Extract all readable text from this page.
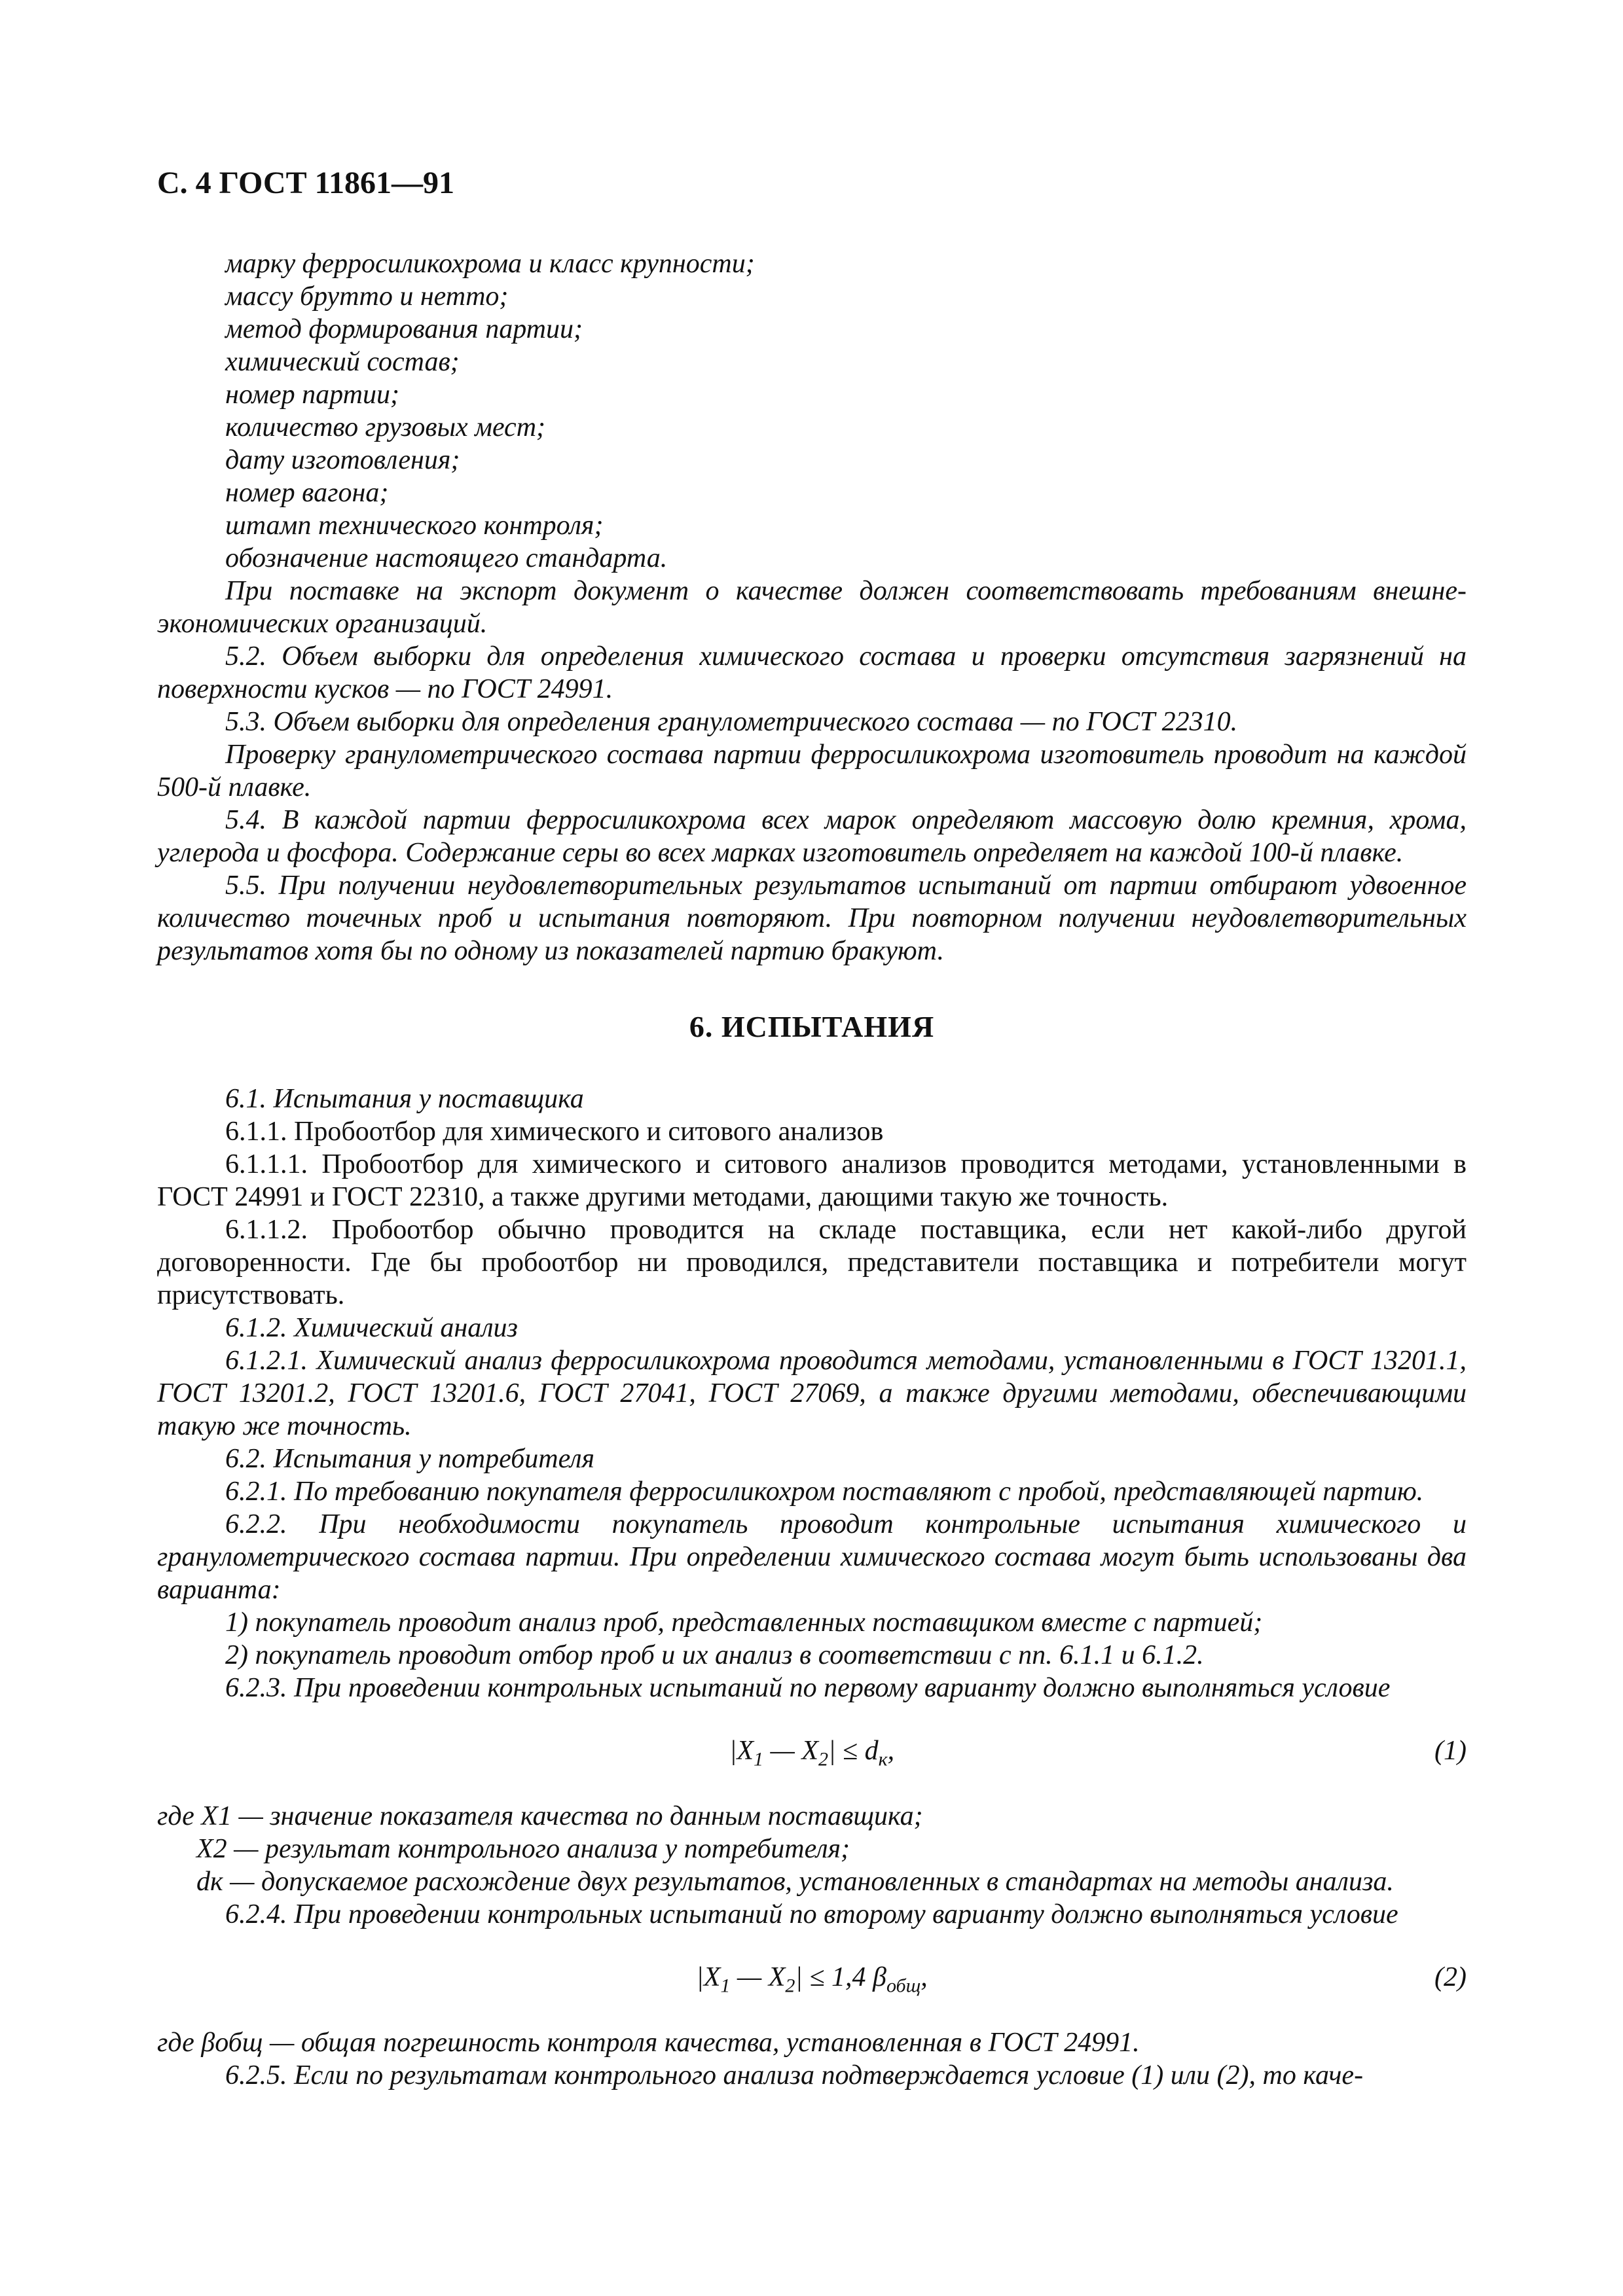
С. 4 ГОСТ 11861—91

марку ферросиликохрома и класс крупности;

массу брутто и нетто;

метод формирования партии;

химический состав;

номер партии;

количество грузовых мест;

дату изготовления;

номер вагона;

штамп технического контроля;

обозначение настоящего стандарта.

При поставке на экспорт документ о качестве должен соответствовать требованиям внешне-экономических организаций.

5.2. Объем выборки для определения химического состава и проверки отсутствия загрязнений на поверхности кусков — по ГОСТ 24991.

5.3. Объем выборки для определения гранулометрического состава — по ГОСТ 22310.

Проверку гранулометрического состава партии ферросиликохрома изготовитель проводит на каждой 500-й плавке.

5.4. В каждой партии ферросиликохрома всех марок определяют массовую долю кремния, хрома, углерода и фосфора. Содержание серы во всех марках изготовитель определяет на каждой 100-й плавке.

5.5. При получении неудовлетворительных результатов испытаний от партии отбирают удвоенное количество точечных проб и испытания повторяют. При повторном получении неудовлетворительных результатов хотя бы по одному из показателей партию бракуют.

6. ИСПЫТАНИЯ

6.1. Испытания у поставщика

6.1.1. Пробоотбор для химического и ситового анализов

6.1.1.1. Пробоотбор для химического и ситового анализов проводится методами, установленными в ГОСТ 24991 и ГОСТ 22310, а также другими методами, дающими такую же точность.

6.1.1.2. Пробоотбор обычно проводится на складе поставщика, если нет какой-либо другой договоренности. Где бы пробоотбор ни проводился, представители поставщика и потребители могут присутствовать.

6.1.2. Химический анализ

6.1.2.1. Химический анализ ферросиликохрома проводится методами, установленными в ГОСТ 13201.1, ГОСТ 13201.2, ГОСТ 13201.6, ГОСТ 27041, ГОСТ 27069, а также другими методами, обеспечивающими такую же точность.

6.2. Испытания у потребителя

6.2.1. По требованию покупателя ферросиликохром поставляют с пробой, представляющей партию.

6.2.2. При необходимости покупатель проводит контрольные испытания химического и гранулометрического состава партии. При определении химического состава могут быть использованы два варианта:

1) покупатель проводит анализ проб, представленных поставщиком вместе с партией;

2) покупатель проводит отбор проб и их анализ в соответствии с пп. 6.1.1 и 6.1.2.

6.2.3. При проведении контрольных испытаний по первому варианту должно выполняться условие

$|X_1$ — $X_2| \le d_к$,	(1)

где X1 — значение показателя качества по данным поставщика;

X2 — результат контрольного анализа у потребителя;

dк — допускаемое расхождение двух результатов, установленных в стандартах на методы анализа.

6.2.4. При проведении контрольных испытаний по второму варианту должно выполняться условие

$|X_1$ — $X_2| \le 1,4$ $\beta_{общ}$,	(2)

где βобщ — общая погрешность контроля качества, установленная в ГОСТ 24991.

6.2.5. Если по результатам контрольного анализа подтверждается условие (1) или (2), то каче-
